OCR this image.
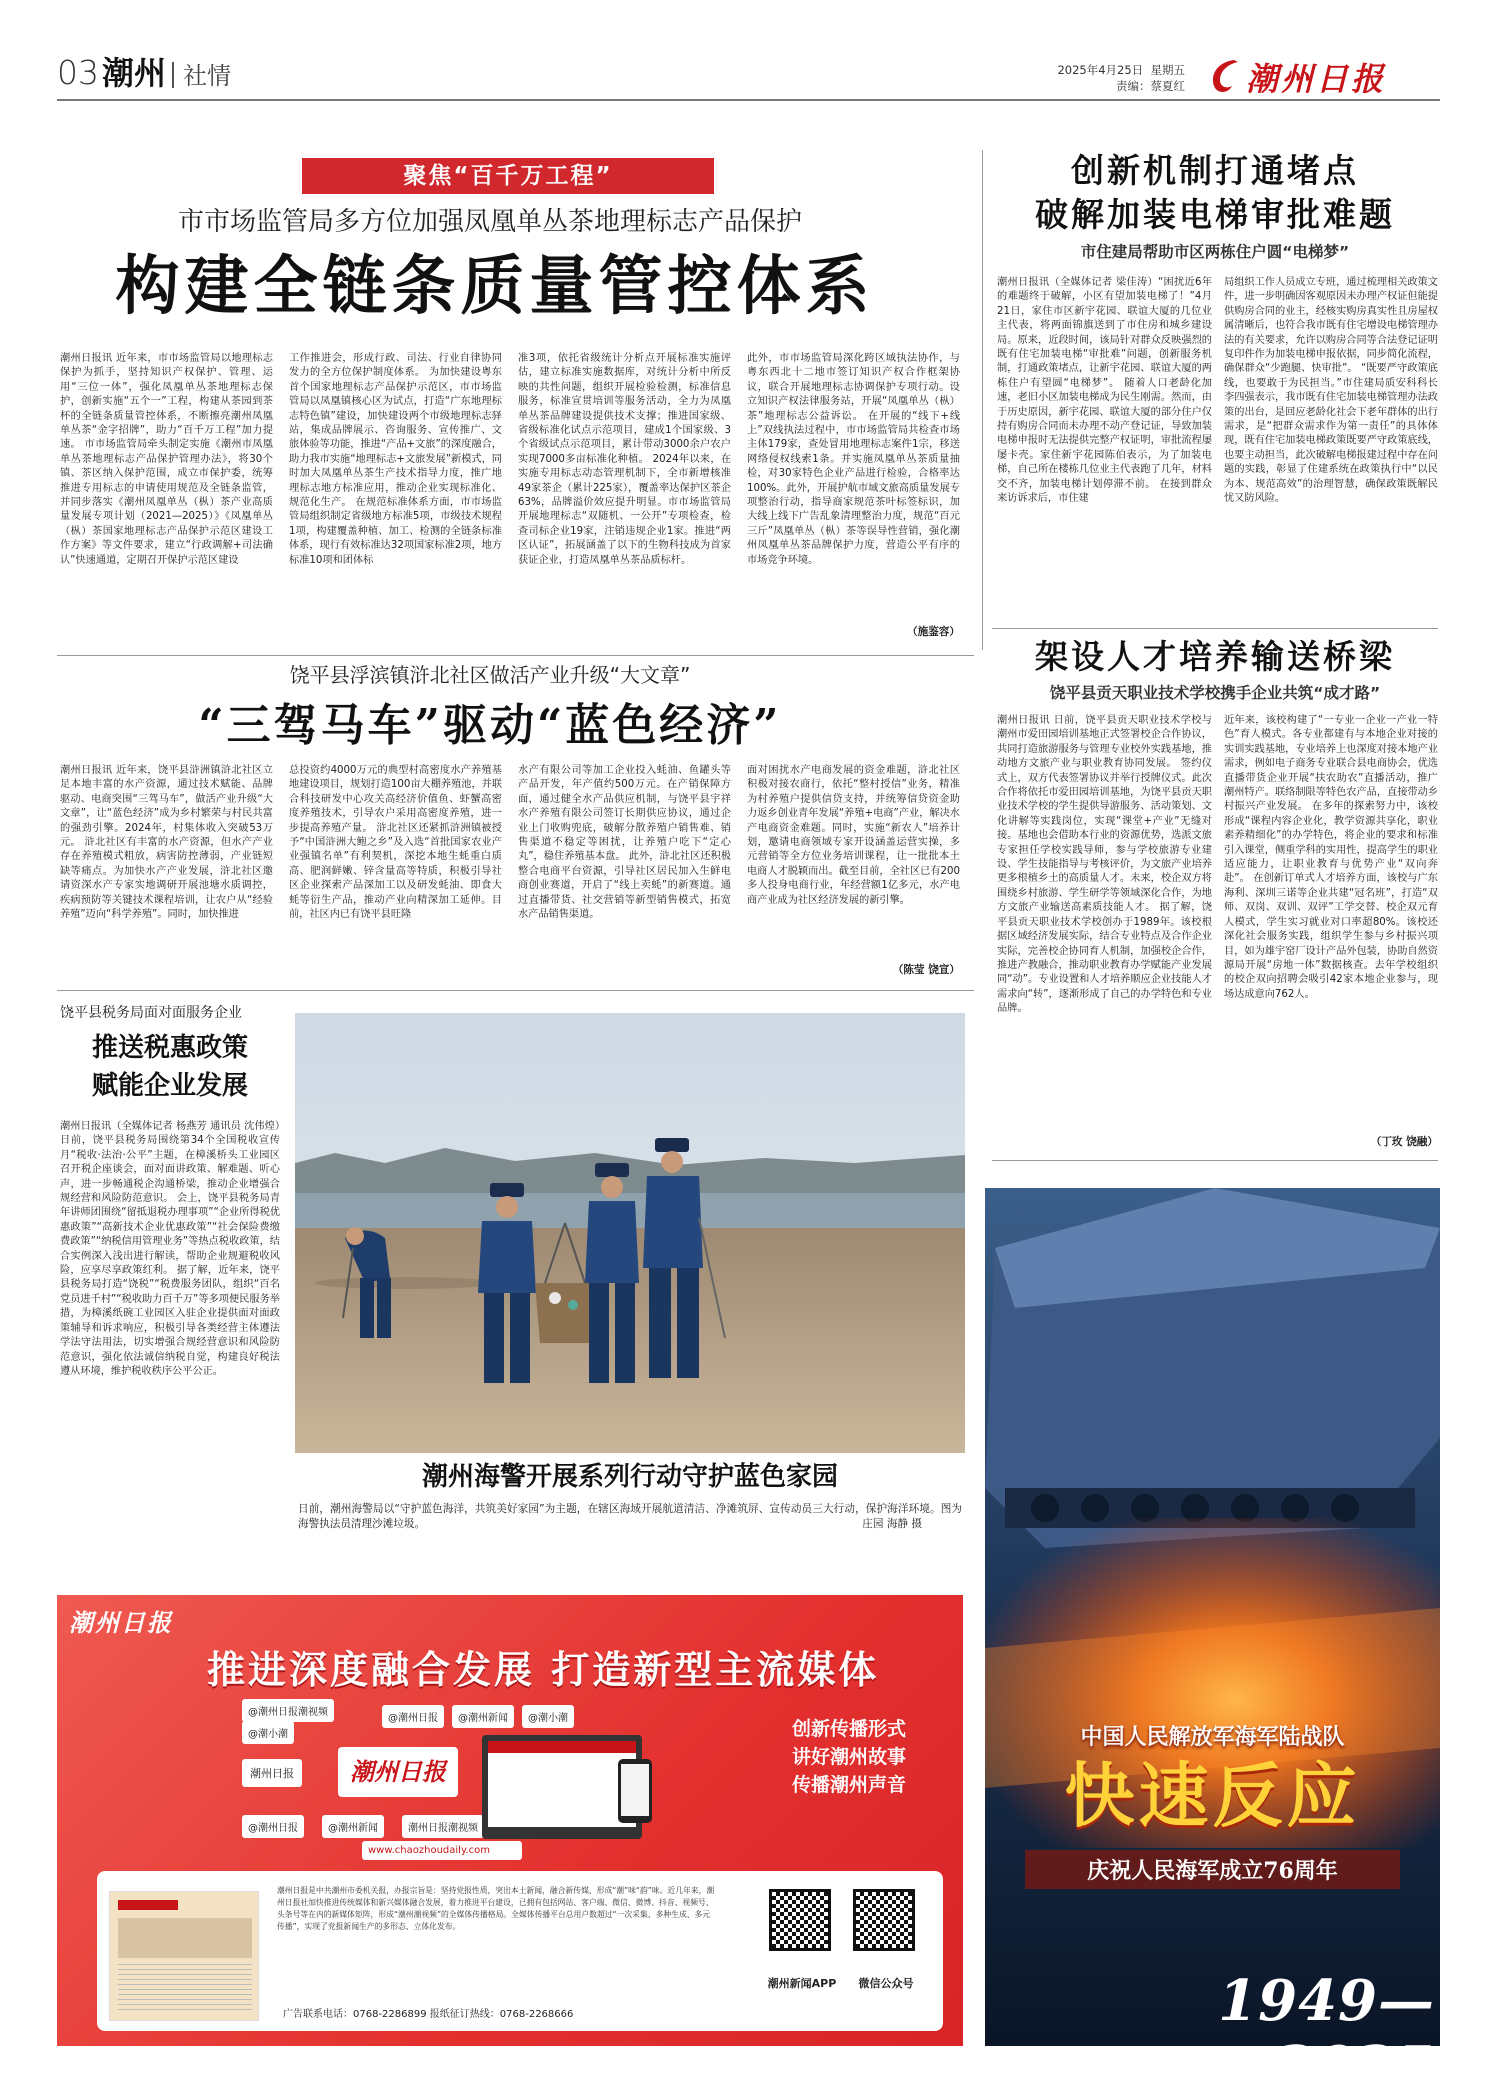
03 潮州 社情	2025年4月25日 星期五
责编：蔡夏红 潮州日报
聚焦“百千万工程”
市市场监管局多方位加强凤凰单丛茶地理标志产品保护
构建全链条质量管控体系
潮州日报讯 近年来，市市场监管局以地理标志保护为抓手，坚持知识产权保护、管理、运用“三位一体”，强化凤凰单丛茶地理标志保护，创新实施“五个一”工程，构建从茶园到茶杯的全链条质量管控体系，不断擦亮潮州凤凰单丛茶“金字招牌”，助力“百千万工程”加力提速。 市市场监管局牵头制定实施《潮州市凤凰单丛茶地理标志产品保护管理办法》，将30个镇、茶区纳入保护范围，成立市保护委，统筹推进专用标志的申请使用规范及全链条监管，并同步落实《潮州凤凰单丛（枞）茶产业高质量发展专项计划（2021—2025）》《凤凰单丛（枞）茶国家地理标志产品保护示范区建设工作方案》等文件要求，建立“行政调解+司法确认”快速通道，定期召开保护示范区建设
工作推进会，形成行政、司法、行业自律协同发力的全方位保护制度体系。 为加快建设粤东首个国家地理标志产品保护示范区，市市场监管局以凤凰镇核心区为试点，打造“广东地理标志特色镇”建设，加快建设两个市级地理标志驿站，集成品牌展示、咨询服务、宣传推广、文旅体验等功能，推进“产品+文旅”的深度融合，助力我市实施“地理标志+文旅发展”新模式，同时加大凤凰单丛茶生产技术指导力度，推广地理标志地方标准应用，推动企业实现标准化、规范化生产。 在规范标准体系方面，市市场监管局组织制定省级地方标准5项，市级技术规程1项，构建覆盖种植、加工、检测的全链条标准体系，现行有效标准达32项国家标准2项，地方标准10项和团体标
准3项，依托省级统计分析点开展标准实施评估，建立标准实施数据库，对统计分析中所反映的共性问题，组织开展检验检测，标准信息服务，标准宣贯培训等服务活动，全力为凤凰单丛茶品牌建设提供技术支撑；推进国家级、省级标准化试点示范项目，建成1个国家级、3个省级试点示范项目，累计带动3000余户农户实现7000多亩标准化种植。 2024年以来，在实施专用标志动态管理机制下，全市新增核准49家茶企（累计225家），覆盖率达保护区茶企63%，品牌溢价效应提升明显。市市场监管局开展地理标志“双随机、一公开”专项检查，检查司标企业19家，注销违规企业1家。推进“两区认证”，拓展涵盖了以下的生物科技成为首家获证企业，打造凤凰单丛茶品质标杆。
此外，市市场监管局深化跨区域执法协作，与粤东西北十二地市签订知识产权合作框架协议，联合开展地理标志协调保护专项行动。设立知识产权法律服务站，开展“凤凰单丛（枞）茶”地理标志公益诉讼。 在开展的“线下+线上”双线执法过程中，市市场监管局共检查市场主体179家，查处冒用地理标志案件1宗，移送网络侵权线索1条。并实施凤凰单丛茶质量抽检，对30家特色企业产品进行检验，合格率达100%。此外，开展护航市域文旅高质量发展专项整治行动，指导商家规范茶叶标签标识，加大线上线下广告乱象清理整治力度，规范“百元三斤”凤凰单丛（枞）茶等误导性营销，强化潮州凤凰单丛茶品牌保护力度，营造公平有序的市场竞争环境。
（施鉴容）
创新机制打通堵点
破解加装电梯审批难题
市住建局帮助市区两栋住户圆“电梯梦”
潮州日报讯（全媒体记者 梁佳涛）“困扰近6年的难题终于破解，小区有望加装电梯了！”4月21日，家住市区新宇花园、联谊大厦的几位业主代表，将两面锦旗送到了市住房和城乡建设局。原来，近段时间，该局针对群众反映强烈的既有住宅加装电梯“审批难”问题，创新服务机制，打通政策堵点，让新宇花园、联谊大厦的两栋住户有望圆“电梯梦”。 随着人口老龄化加速，老旧小区加装电梯成为民生刚需。然而，由于历史原因，新宇花园、联谊大厦的部分住户仅持有购房合同而未办理不动产登记证，导致加装电梯申报时无法提供完整产权证明，审批流程屡屡卡壳。家住新宇花园陈伯表示，为了加装电梯，自己所在楼栋几位业主代表跑了几年，材料交不齐，加装电梯计划停滞不前。 在接到群众来访诉求后，市住建
局组织工作人员成立专班，通过梳理相关政策文件，进一步明确因客观原因未办理产权证但能提供购房合同的业主，经核实购房真实性且房屋权属清晰后，也符合我市既有住宅增设电梯管理办法的有关要求，允许以购房合同等合法登记证明复印件作为加装电梯申报依据，同步简化流程，确保群众“少跑腿、快审批”。 “既要严守政策底线，也要敢于为民担当。”市住建局质安科科长李四强表示，我市既有住宅加装电梯管理办法政策的出台，是回应老龄化社会下老年群体的出行需求，是“把群众需求作为第一责任”的具体体现，既有住宅加装电梯政策既要严守政策底线，也要主动担当，此次破解电梯报建过程中存在问题的实践，彰显了住建系统在政策执行中“以民为本、规范高效”的治理智慧，确保政策既解民忧又防风险。
饶平县浮滨镇浒北社区做活产业升级“大文章”
“三驾马车”驱动“蓝色经济”
潮州日报讯 近年来，饶平县浒洲镇浒北社区立足本地丰富的水产资源，通过技术赋能、品牌驱动、电商突围“三驾马车”，做活产业升级“大文章”，让“蓝色经济”成为乡村繁荣与村民共富的强劲引擎。2024年，村集体收入突破53万元。 浒北社区有丰富的水产资源，但水产产业存在养殖模式粗放，病害防控薄弱，产业链短缺等痛点。为加快水产产业发展，浒北社区邀请资深水产专家实地调研开展池塘水质调控，疾病预防等关键技术课程培训，让农户从“经验养殖”迈向“科学养殖”。同时，加快推进
总投资约4000万元的典型村高密度水产养殖基地建设项目，规划打造100亩大棚养殖池，并联合科技研发中心攻关高经济价值鱼、虾蟹高密度养殖技术，引导农户采用高密度养殖，进一步提高养殖产量。 浒北社区还紧抓浒洲镇被授予“中国浒洲大鲍之乡”及入选“首批国家农业产业强镇名单”有利契机，深挖本地生蚝重白质高、肥润鲜嫩、锌含量高等特质，积极引导社区企业探索产品深加工以及研发蚝油、即食大蚝等衍生产品，推动产业向精深加工延伸。目前，社区内已有饶平县旺隆
水产有限公司等加工企业投入蚝油、鱼罐头等产品开发，年产值约500万元。在产销保障方面，通过健全水产品供应机制，与饶平县宇祥水产养殖有限公司签订长期供应协议，通过企业上门收购兜底，破解分散养殖户销售难、销售渠道不稳定等困扰，让养殖户吃下“定心丸”，稳住养殖基本盘。 此外，浒北社区还积极整合电商平台资源，引导社区居民加入生鲜电商创业赛道，开启了“线上卖蚝”的新赛道。通过直播带货、社交营销等新型销售模式，拓宽水产品销售渠道。
面对困扰水产电商发展的资金难题，浒北社区积极对接农商行，依托“整村授信”业务，精准为村养殖户提供信贷支持，并统筹信贷资金助力返乡创业青年发展“养殖+电商”产业，解决水产电商资金难题。同时，实施“新农人”培养计划，邀请电商领域专家开设涵盖运营实操，多元营销等全方位业务培训课程，让一批批本土电商人才脱颖而出。截至目前，全社区已有200多人投身电商行业，年经营额1亿多元，水产电商产业成为社区经济发展的新引擎。
（陈莹 饶宣）
架设人才培养输送桥梁
饶平县贡天职业技术学校携手企业共筑“成才路”
潮州日报讯 日前，饶平县贡天职业技术学校与潮州市爱田园培训基地正式签署校企合作协议，共同打造旅游服务与管理专业校外实践基地，推动地方文旅产业与职业教育协同发展。 签约仪式上，双方代表签署协议并举行授牌仪式。此次合作将依托市爱田园培训基地，为饶平县贡天职业技术学校的学生提供导游服务、活动策划、文化讲解等实践岗位，实现“课堂+产业”无缝对接。基地也会借助本行业的资源优势，选派文旅专家担任学校实践导师，参与学校旅游专业建设、学生技能指导与考核评价，为文旅产业培养更多根植乡土的高质量人才。未来，校企双方将围绕乡村旅游、学生研学等领域深化合作，为地方文旅产业输送高素质技能人才。 据了解，饶平县贡天职业技术学校创办于1989年。该校根据区域经济发展实际，结合专业特点及合作企业实际，完善校企协同育人机制，加强校企合作，推进产教融合，推动职业教育办学赋能产业发展同“动”。专业设置和人才培养顺应企业技能人才需求向“转”，逐渐形成了自己的办学特色和专业品牌。
近年来，该校构建了“一专业一企业一产业一特色”育人模式。各专业都建有与本地企业对接的实训实践基地，专业培养上也深度对接本地产业需求，例如电子商务专业联合县电商协会，优选直播带货企业开展“扶农助农”直播活动，推广潮州特产。联络制限等特色农产品，直接带动乡村振兴产业发展。 在多年的探索努力中，该校形成“课程内容企业化，教学资源共享化，职业素养精细化”的办学特色，将企业的要求和标准引入课堂，侧重学科的实用性，提高学生的职业适应能力，让职业教育与优势产业“双向奔赴”。 在创新订单式人才培养方面，该校与广东海利、深圳三诺等企业共建“冠名班”，打造“双师、双岗、双训、双评”工学交替、校企双元育人模式，学生实习就业对口率超80%。该校还深化社会服务实践，组织学生参与乡村振兴项目，如为雄宇窑厂设计产品外包装，协助自然资源局开展“房地一体”数据核查。去年学校组织的校企双向招聘会吸引42家本地企业参与，现场达成意向762人。
（丁玫 饶融）
饶平县税务局面对面服务企业
推送税惠政策
赋能企业发展
潮州日报讯（全媒体记者 杨燕芳 通讯员 沈伟煌）日前，饶平县税务局围绕第34个全国税收宣传月“税收·法治·公平”主题，在樟溪桥头工业园区召开税企座谈会，面对面讲政策、解难题、听心声，进一步畅通税企沟通桥梁，推动企业增强合规经营和风险防范意识。 会上，饶平县税务局青年讲师团围绕“留抵退税办理事项”“企业所得税优惠政策”“高新技术企业优惠政策”“社会保险费缴费政策”“纳税信用管理业务”等热点税收政策，结合实例深入浅出进行解读，帮助企业规避税收风险，应享尽享政策红利。 据了解，近年来，饶平县税务局打造“饶税”“税费服务团队，组织“百名党员进千村”“税收助力百千万”等多项便民服务举措，为樟溪纸碗工业园区入驻企业提供面对面政策辅导和诉求响应，积极引导各类经营主体遵法学法守法用法，切实增强合规经营意识和风险防范意识，强化依法诚信纳税自觉，构建良好税法遵从环境，维护税收秩序公平公正。
潮州海警开展系列行动守护蓝色家园
日前，潮州海警局以“守护蓝色海洋，共筑美好家园”为主题，在辖区海域开展航道清洁、净滩筑屏、宣传动员三大行动，保护海洋环境。图为海警执法员清理沙滩垃圾。	庄园 海静 摄
潮州日报
推进深度融合发展 打造新型主流媒体
@潮州日报潮视频
@潮小潮
@潮州日报	@潮州新闻	@潮小潮
潮州日报	潮州日报
@潮州日报	@潮州新闻	潮州日报潮视频
www.chaozhoudaily.com
创新传播形式
讲好潮州故事
传播潮州声音
潮州日报是中共潮州市委机关报，办报宗旨是：坚持党报性质，突出本土新闻，融合新传媒，形成“潮”味“韵”味。近几年来，潮州日报社加快推进传统媒体和新兴媒体融合发展，着力推进平台建设，已拥有包括网站、客户端、微信、微博、抖音、视频号、头条号等在内的新媒体矩阵，形成“潮州潮视频”的全媒体传播格局。全媒体传播平台总用户数超过“一次采集、多种生成、多元传播”，实现了党报新闻生产的多形态、立体化发布。
广告联系电话：0768-2286899 报纸征订热线：0768-2268666
潮州新闻APP	微信公众号
中国人民解放军海军陆战队
快速反应
庆祝人民海军成立76周年
1949—2025
